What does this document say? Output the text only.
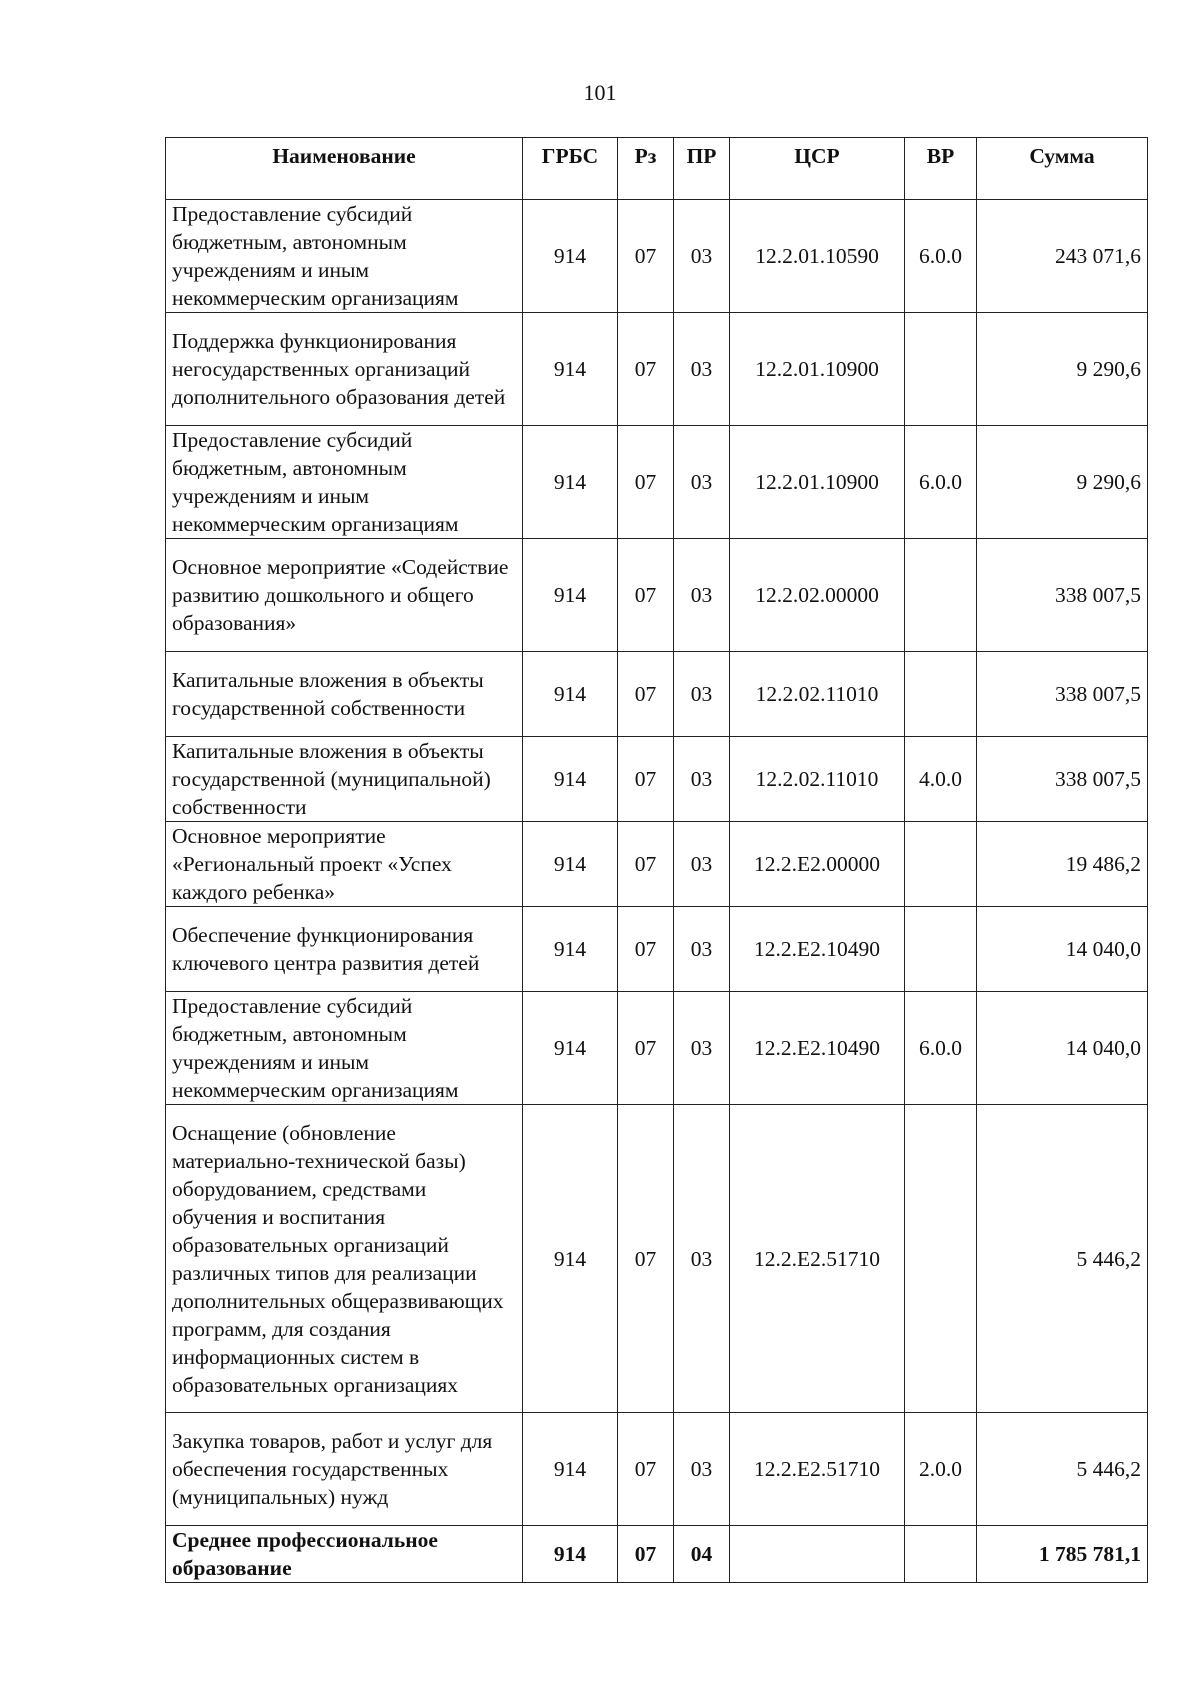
101
Наименование	ГРБС	Рз	ПР	ЦСР	ВР	Сумма
Предоставление субсидий бюджетным, автономным учреждениям и иным некоммерческим организациям	914	07	03	12.2.01.10590	6.0.0	243 071,6
Поддержка функционирования негосударственных организаций дополнительного образования детей	914	07	03	12.2.01.10900		9 290,6
Предоставление субсидий бюджетным, автономным учреждениям и иным некоммерческим организациям	914	07	03	12.2.01.10900	6.0.0	9 290,6
Основное мероприятие «Содействие развитию дошкольного и общего образования»	914	07	03	12.2.02.00000		338 007,5
Капитальные вложения в объекты государственной собственности	914	07	03	12.2.02.11010		338 007,5
Капитальные вложения в объекты государственной (муниципальной) собственности	914	07	03	12.2.02.11010	4.0.0	338 007,5
Основное мероприятие «Региональный проект «Успех каждого ребенка»	914	07	03	12.2.E2.00000		19 486,2
Обеспечение функционирования ключевого центра развития детей	914	07	03	12.2.E2.10490		14 040,0
Предоставление субсидий бюджетным, автономным учреждениям и иным некоммерческим организациям	914	07	03	12.2.E2.10490	6.0.0	14 040,0
Оснащение (обновление материально-технической базы) оборудованием, средствами обучения и воспитания образовательных организаций различных типов для реализации дополнительных общеразвивающих программ, для создания информационных систем в образовательных организациях	914	07	03	12.2.E2.51710		5 446,2
Закупка товаров, работ и услуг для обеспечения государственных (муниципальных) нужд	914	07	03	12.2.E2.51710	2.0.0	5 446,2
Среднее профессиональное образование	914	07	04			1 785 781,1
